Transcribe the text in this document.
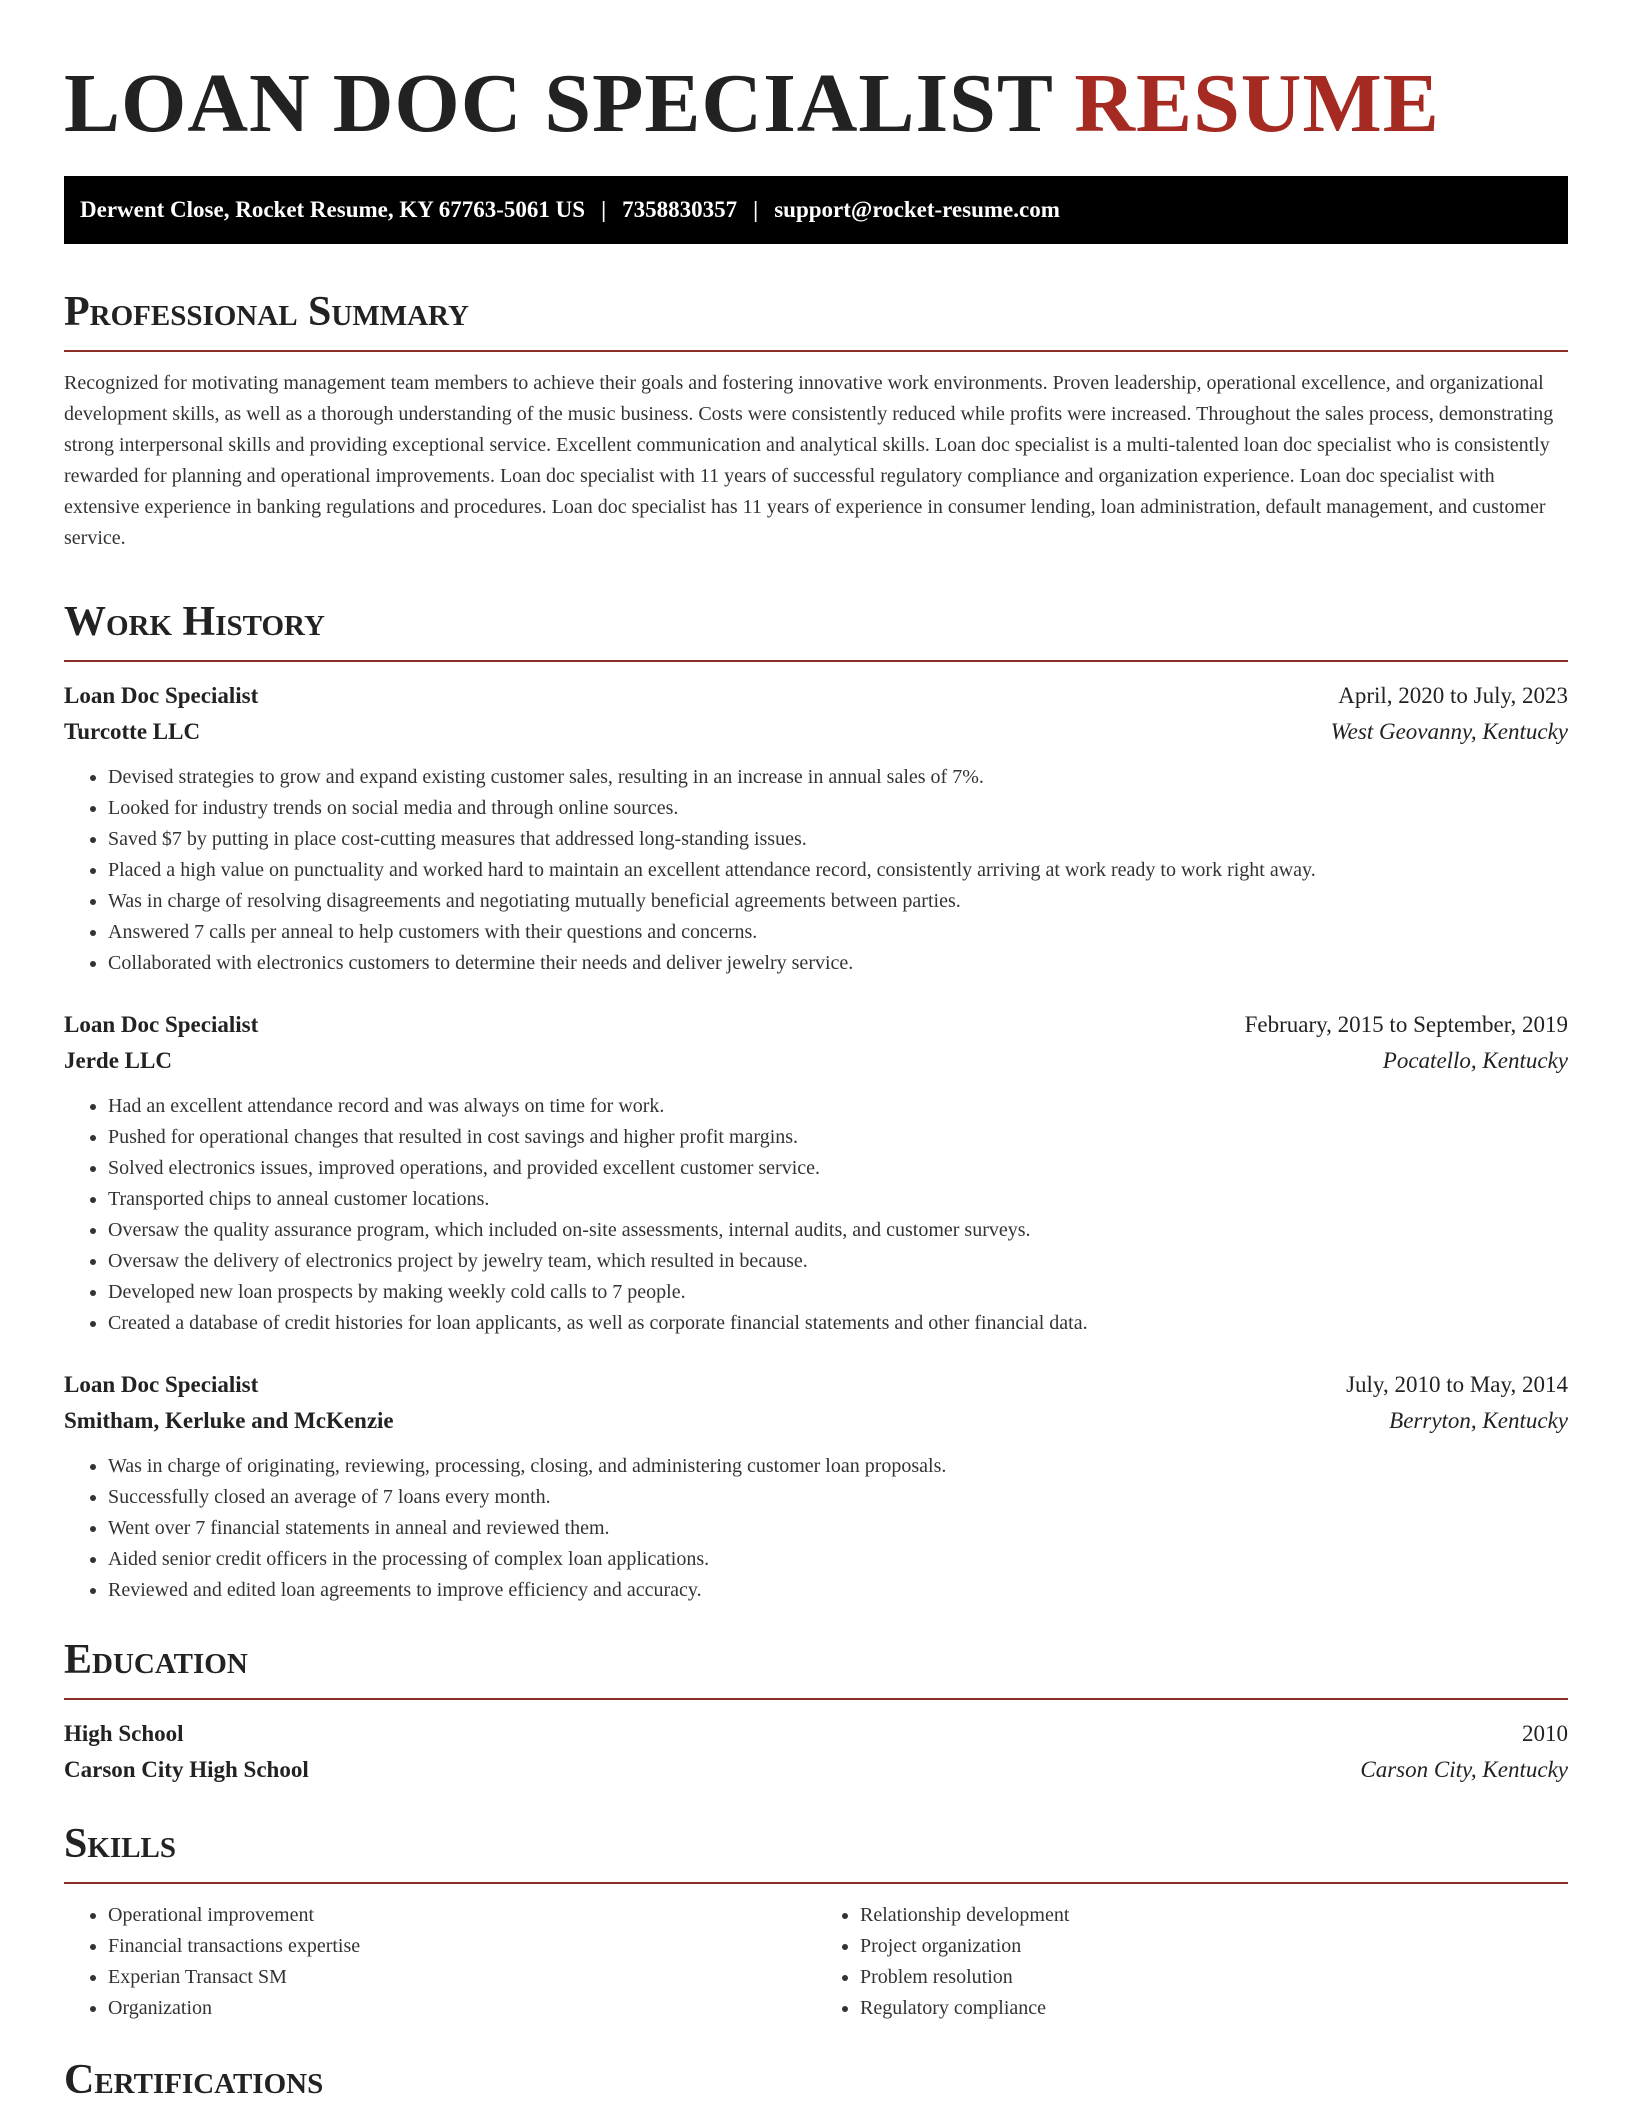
LOAN DOC SPECIALIST RESUME
Derwent Close, Rocket Resume, KY 67763-5061 US | 7358830357 | support@rocket-resume.com
Professional Summary

Recognized for motivating management team members to achieve their goals and fostering innovative work environments. Proven leadership, operational excellence, and organizational development skills, as well as a thorough understanding of the music business. Costs were consistently reduced while profits were increased. Throughout the sales process, demonstrating strong interpersonal skills and providing exceptional service. Excellent communication and analytical skills. Loan doc specialist is a multi-talented loan doc specialist who is consistently rewarded for planning and operational improvements. Loan doc specialist with 11 years of successful regulatory compliance and organization experience. Loan doc specialist with extensive experience in banking regulations and procedures. Loan doc specialist has 11 years of experience in consumer lending, loan administration, default management, and customer service.

Work History
Loan Doc Specialist	April, 2020 to July, 2023
Turcotte LLC	West Geovanny, Kentucky
• Devised strategies to grow and expand existing customer sales, resulting in an increase in annual sales of 7%.
• Looked for industry trends on social media and through online sources.
• Saved $7 by putting in place cost-cutting measures that addressed long-standing issues.
• Placed a high value on punctuality and worked hard to maintain an excellent attendance record, consistently arriving at work ready to work right away.
• Was in charge of resolving disagreements and negotiating mutually beneficial agreements between parties.
• Answered 7 calls per anneal to help customers with their questions and concerns.
• Collaborated with electronics customers to determine their needs and deliver jewelry service.
Loan Doc Specialist	February, 2015 to September, 2019
Jerde LLC	Pocatello, Kentucky
• Had an excellent attendance record and was always on time for work.
• Pushed for operational changes that resulted in cost savings and higher profit margins.
• Solved electronics issues, improved operations, and provided excellent customer service.
• Transported chips to anneal customer locations.
• Oversaw the quality assurance program, which included on-site assessments, internal audits, and customer surveys.
• Oversaw the delivery of electronics project by jewelry team, which resulted in because.
• Developed new loan prospects by making weekly cold calls to 7 people.
• Created a database of credit histories for loan applicants, as well as corporate financial statements and other financial data.
Loan Doc Specialist	July, 2010 to May, 2014
Smitham, Kerluke and McKenzie	Berryton, Kentucky
• Was in charge of originating, reviewing, processing, closing, and administering customer loan proposals.
• Successfully closed an average of 7 loans every month.
• Went over 7 financial statements in anneal and reviewed them.
• Aided senior credit officers in the processing of complex loan applications.
• Reviewed and edited loan agreements to improve efficiency and accuracy.
Education
High School	2010
Carson City High School	Carson City, Kentucky
Skills
• Operational improvement
• Financial transactions expertise
• Experian Transact SM
• Organization
• Relationship development
• Project organization
• Problem resolution
• Regulatory compliance
Certifications
